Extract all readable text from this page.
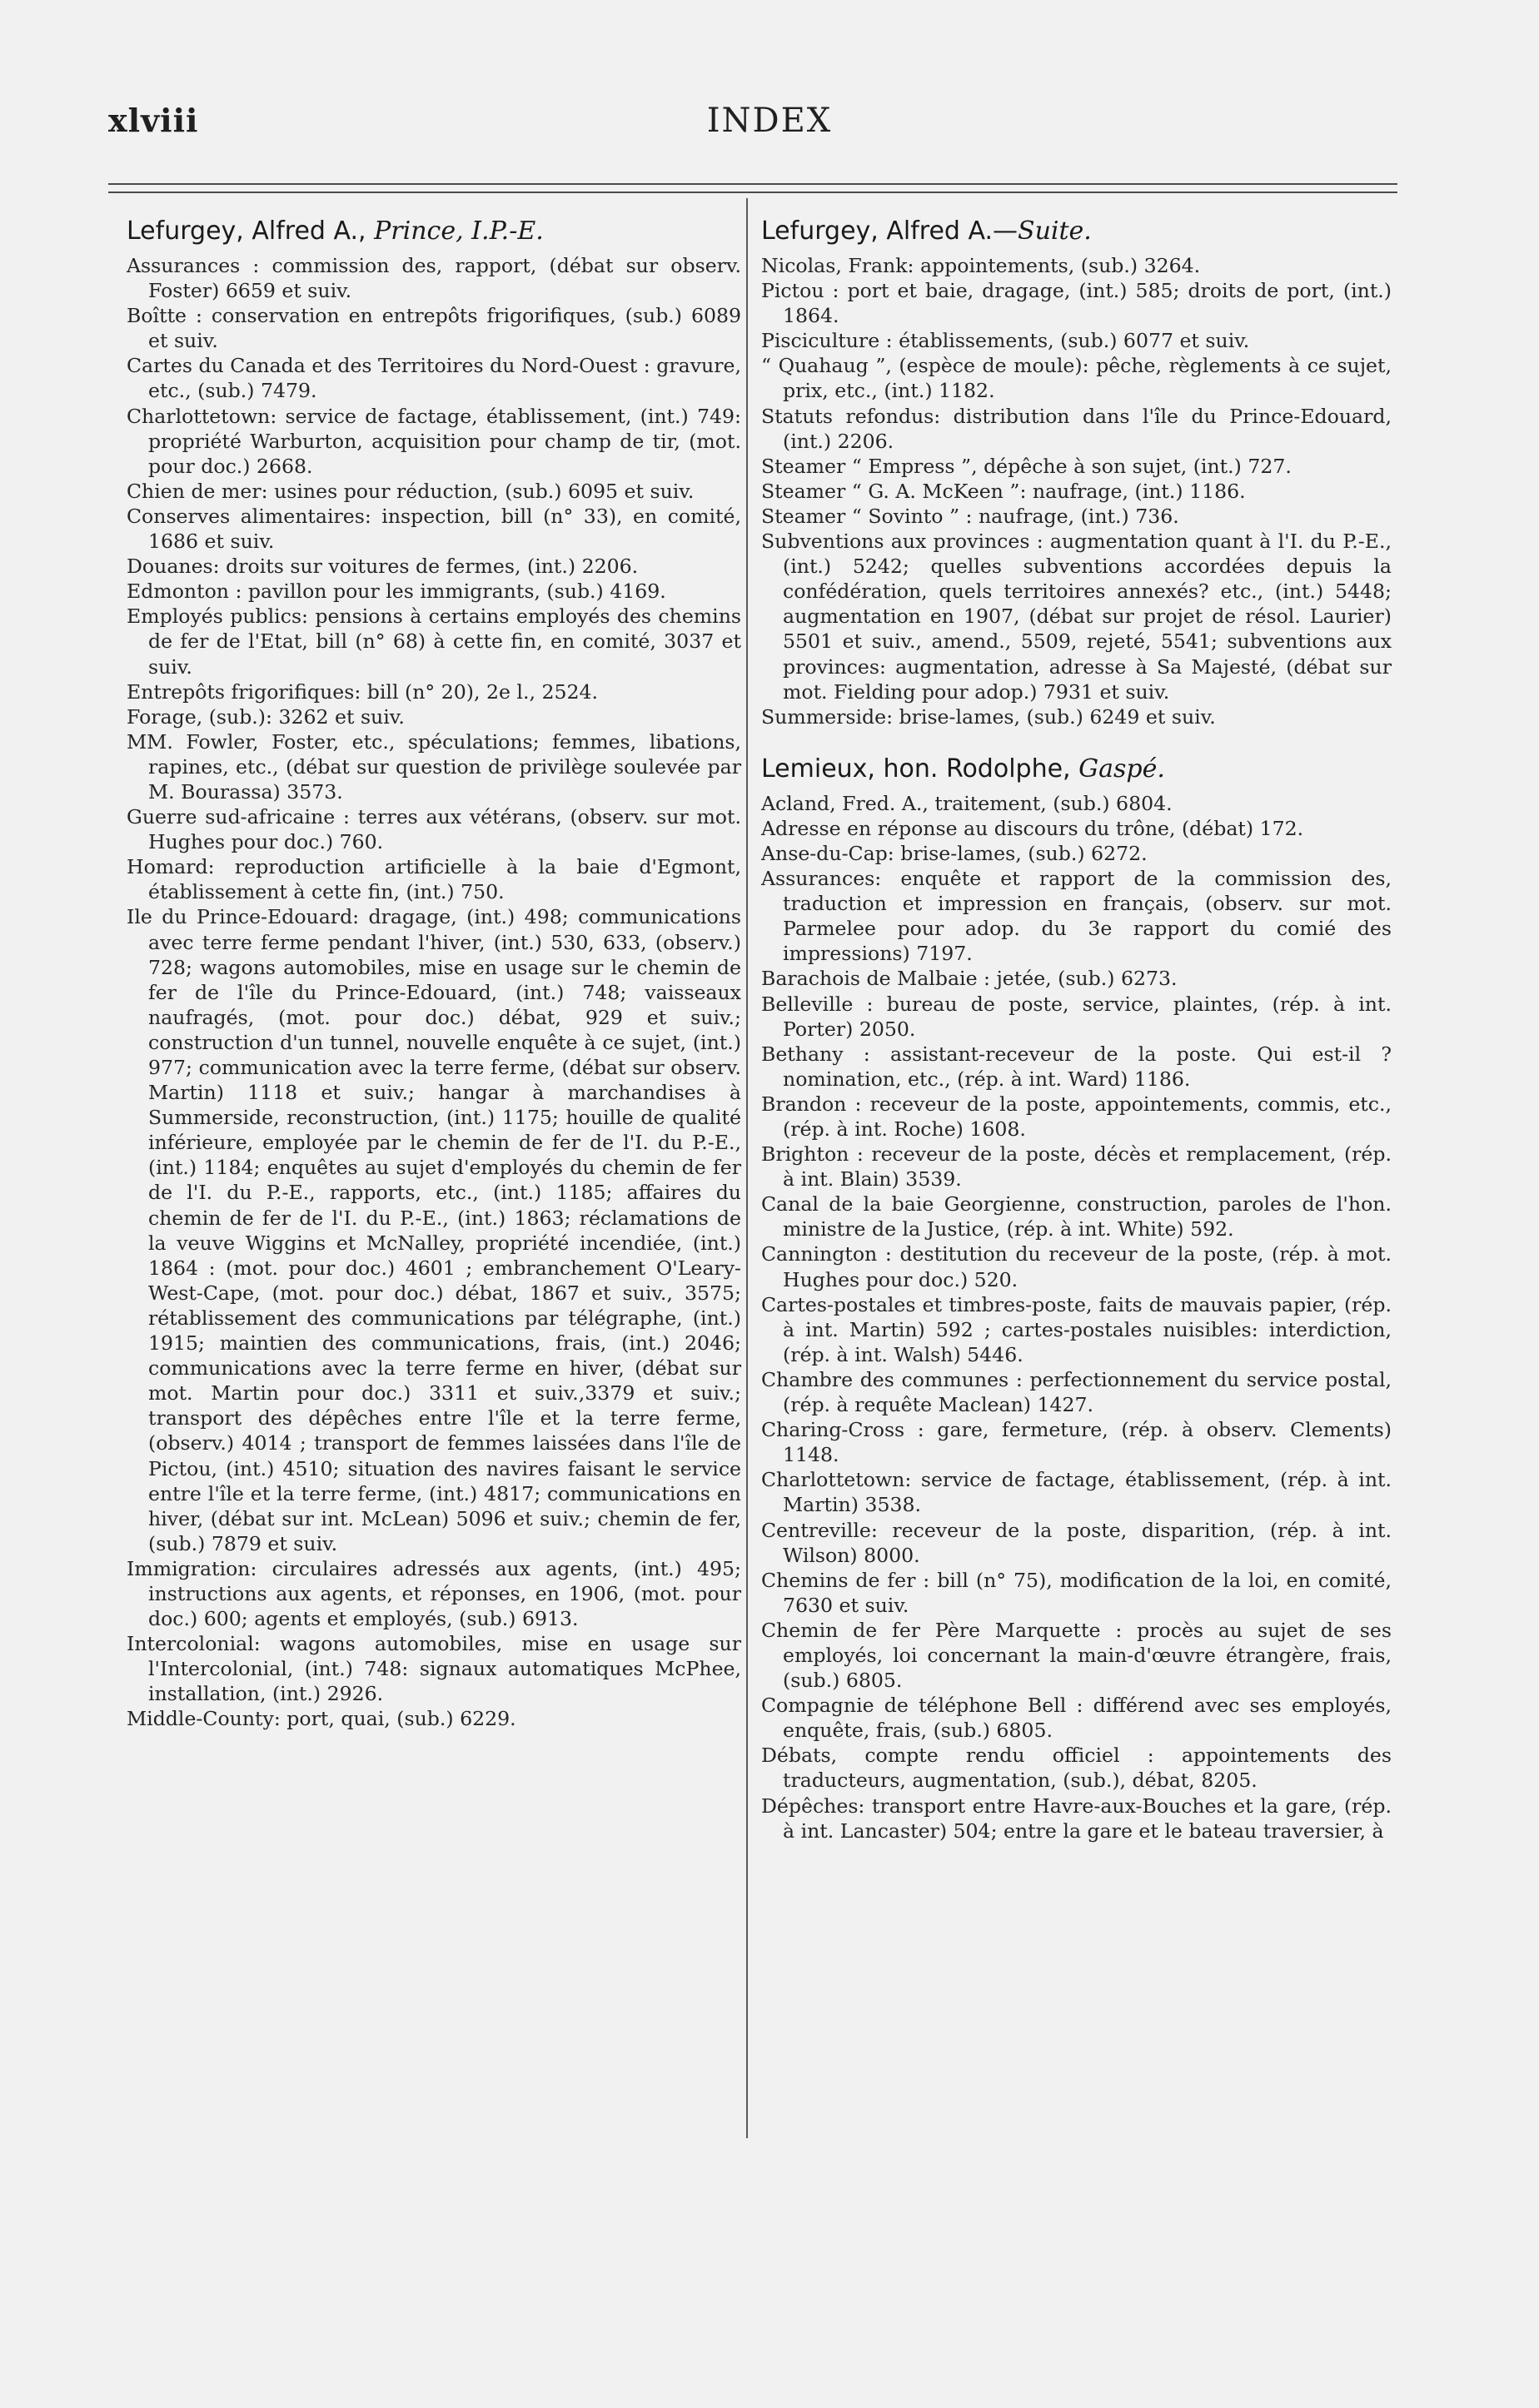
xlviii	INDEX
Lefurgey, Alfred A., Prince, I.P.-E.
Assurances : commission des, rapport, (débat sur observ. Foster) 6659 et suiv.
Boîtte : conservation en entrepôts frigorifiques, (sub.) 6089 et suiv.
Cartes du Canada et des Territoires du Nord-Ouest : gravure, etc., (sub.) 7479.
Charlottetown: service de factage, établissement, (int.) 749: propriété Warburton, acquisition pour champ de tir, (mot. pour doc.) 2668.
Chien de mer: usines pour réduction, (sub.) 6095 et suiv.
Conserves alimentaires: inspection, bill (n° 33), en comité, 1686 et suiv.
Douanes: droits sur voitures de fermes, (int.) 2206.
Edmonton : pavillon pour les immigrants, (sub.) 4169.
Employés publics: pensions à certains employés des chemins de fer de l'Etat, bill (n° 68) à cette fin, en comité, 3037 et suiv.
Entrepôts frigorifiques: bill (n° 20), 2e l., 2524.
Forage, (sub.): 3262 et suiv.
MM. Fowler, Foster, etc., spéculations; femmes, libations, rapines, etc., (débat sur question de privilège soulevée par M. Bourassa) 3573.
Guerre sud-africaine : terres aux vétérans, (observ. sur mot. Hughes pour doc.) 760.
Homard: reproduction artificielle à la baie d'Egmont, établissement à cette fin, (int.) 750.
Ile du Prince-Edouard: dragage, (int.) 498; communications avec terre ferme pendant l'hiver, (int.) 530, 633, (observ.) 728; wagons automobiles, mise en usage sur le chemin de fer de l'île du Prince-Edouard, (int.) 748; vaisseaux naufragés, (mot. pour doc.) débat, 929 et suiv.; construction d'un tunnel, nouvelle enquête à ce sujet, (int.) 977; communication avec la terre ferme, (débat sur observ. Martin) 1118 et suiv.; hangar à marchandises à Summerside, reconstruction, (int.) 1175; houille de qualité inférieure, employée par le chemin de fer de l'I. du P.-E., (int.) 1184; enquêtes au sujet d'employés du chemin de fer de l'I. du P.-E., rapports, etc., (int.) 1185; affaires du chemin de fer de l'I. du P.-E., (int.) 1863; réclamations de la veuve Wiggins et McNalley, propriété incendiée, (int.) 1864 : (mot. pour doc.) 4601 ; embranchement O'Leary-West-Cape, (mot. pour doc.) débat, 1867 et suiv., 3575; rétablissement des communications par télégraphe, (int.) 1915; maintien des communications, frais, (int.) 2046; communications avec la terre ferme en hiver, (débat sur mot. Martin pour doc.) 3311 et suiv.,3379 et suiv.; transport des dépêches entre l'île et la terre ferme, (observ.) 4014 ; transport de femmes laissées dans l'île de Pictou, (int.) 4510; situation des navires faisant le service entre l'île et la terre ferme, (int.) 4817; communications en hiver, (débat sur int. McLean) 5096 et suiv.; chemin de fer, (sub.) 7879 et suiv.
Immigration: circulaires adressés aux agents, (int.) 495; instructions aux agents, et réponses, en 1906, (mot. pour doc.) 600; agents et employés, (sub.) 6913.
Intercolonial: wagons automobiles, mise en usage sur l'Intercolonial, (int.) 748: signaux automatiques McPhee, installation, (int.) 2926.
Middle-County: port, quai, (sub.) 6229.
Lefurgey, Alfred A.—Suite.
Nicolas, Frank: appointements, (sub.) 3264.
Pictou : port et baie, dragage, (int.) 585; droits de port, (int.) 1864.
Pisciculture : établissements, (sub.) 6077 et suiv.
“ Quahaug ”, (espèce de moule): pêche, règlements à ce sujet, prix, etc., (int.) 1182.
Statuts refondus: distribution dans l'île du Prince-Edouard, (int.) 2206.
Steamer “ Empress ”, dépêche à son sujet, (int.) 727.
Steamer “ G. A. McKeen ”: naufrage, (int.) 1186.
Steamer “ Sovinto ” : naufrage, (int.) 736.
Subventions aux provinces : augmentation quant à l'I. du P.-E., (int.) 5242; quelles subventions accordées depuis la confédération, quels territoires annexés? etc., (int.) 5448; augmentation en 1907, (débat sur projet de résol. Laurier) 5501 et suiv., amend., 5509, rejeté, 5541; subventions aux provinces: augmentation, adresse à Sa Majesté, (débat sur mot. Fielding pour adop.) 7931 et suiv.
Summerside: brise-lames, (sub.) 6249 et suiv.
Lemieux, hon. Rodolphe, Gaspé.
Acland, Fred. A., traitement, (sub.) 6804.
Adresse en réponse au discours du trône, (débat) 172.
Anse-du-Cap: brise-lames, (sub.) 6272.
Assurances: enquête et rapport de la commission des, traduction et impression en français, (observ. sur mot. Parmelee pour adop. du 3e rapport du comié des impressions) 7197.
Barachois de Malbaie : jetée, (sub.) 6273.
Belleville : bureau de poste, service, plaintes, (rép. à int. Porter) 2050.
Bethany : assistant-receveur de la poste. Qui est-il ? nomination, etc., (rép. à int. Ward) 1186.
Brandon : receveur de la poste, appointements, commis, etc., (rép. à int. Roche) 1608.
Brighton : receveur de la poste, décès et remplacement, (rép. à int. Blain) 3539.
Canal de la baie Georgienne, construction, paroles de l'hon. ministre de la Justice, (rép. à int. White) 592.
Cannington : destitution du receveur de la poste, (rép. à mot. Hughes pour doc.) 520.
Cartes-postales et timbres-poste, faits de mauvais papier, (rép. à int. Martin) 592 ; cartes-postales nuisibles: interdiction, (rép. à int. Walsh) 5446.
Chambre des communes : perfectionnement du service postal, (rép. à requête Maclean) 1427.
Charing-Cross : gare, fermeture, (rép. à observ. Clements) 1148.
Charlottetown: service de factage, établissement, (rép. à int. Martin) 3538.
Centreville: receveur de la poste, disparition, (rép. à int. Wilson) 8000.
Chemins de fer : bill (n° 75), modification de la loi, en comité, 7630 et suiv.
Chemin de fer Père Marquette : procès au sujet de ses employés, loi concernant la main-d'œuvre étrangère, frais, (sub.) 6805.
Compagnie de téléphone Bell : différend avec ses employés, enquête, frais, (sub.) 6805.
Débats, compte rendu officiel : appointements des traducteurs, augmentation, (sub.), débat, 8205.
Dépêches: transport entre Havre-aux-Bouches et la gare, (rép. à int. Lancaster) 504; entre la gare et le bateau traversier, à
